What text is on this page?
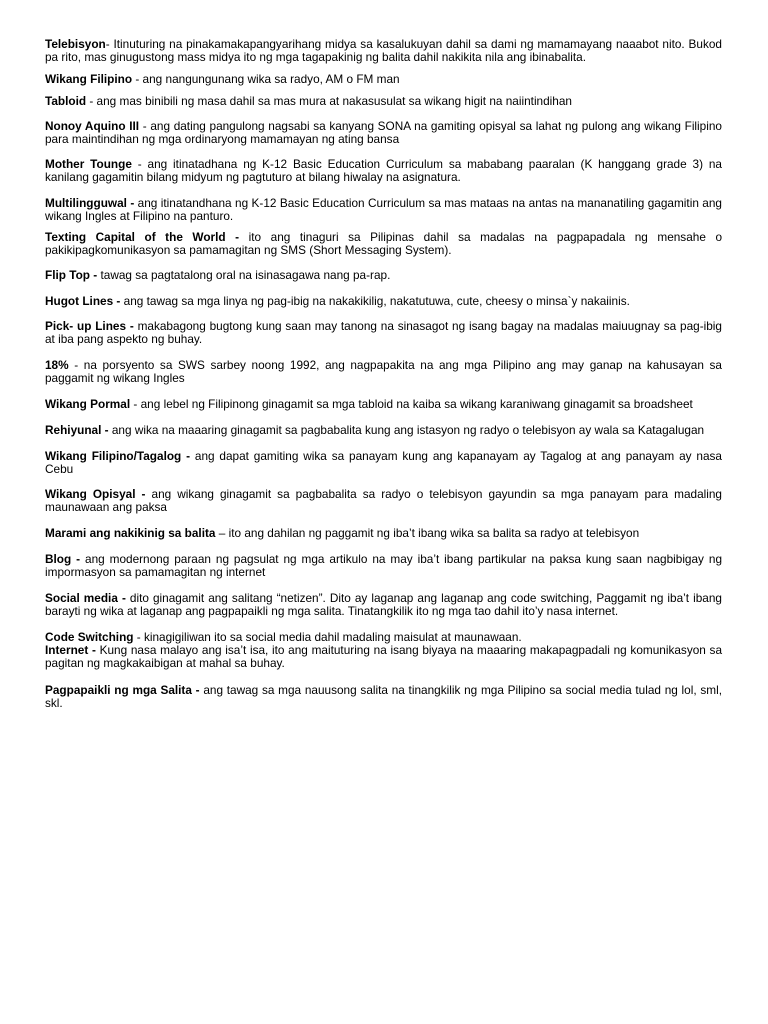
Telebisyon- Itinuturing na pinakamakapangyarihang midya sa kasalukuyan dahil sa dami ng mamamayang naaabot nito. Bukod pa rito, mas ginugustong mass midya ito ng mga tagapakinig ng balita dahil nakikita nila ang ibinabalita.

Wikang Filipino - ang nangungunang wika sa radyo, AM o FM man

Tabloid - ang mas binibili ng masa dahil sa mas mura at nakasusulat sa wikang higit na naiintindihan

Nonoy Aquino III - ang dating pangulong nagsabi sa kanyang SONA na gamiting opisyal sa lahat ng pulong ang wikang Filipino para maintindihan ng mga ordinaryong mamamayan ng ating bansa

Mother Tounge - ang itinatadhana ng K-12 Basic Education Curriculum sa mababang paaralan (K hanggang grade 3) na kanilang gagamitin bilang midyum ng pagtuturo at bilang hiwalay na asignatura.

Multilingguwal - ang itinatandhana ng K-12 Basic Education Curriculum sa mas mataas na antas na mananatiling gagamitin ang wikang Ingles at Filipino na panturo.

Texting Capital of the World - ito ang tinaguri sa Pilipinas dahil sa madalas na pagpapadala ng mensahe o pakikipagkomunikasyon sa pamamagitan ng SMS (Short Messaging System).

Flip Top - tawag sa pagtatalong oral na isinasagawa nang pa-rap.

Hugot Lines - ang tawag sa mga linya ng pag-ibig na nakakikilig, nakatutuwa, cute, cheesy o minsa`y nakaiinis.

Pick- up Lines - makabagong bugtong kung saan may tanong na sinasagot ng isang bagay na madalas maiuugnay sa pag-ibig at iba pang aspekto ng buhay.

18% - na porsyento sa SWS sarbey noong 1992, ang nagpapakita na ang mga Pilipino ang may ganap na kahusayan sa paggamit ng wikang Ingles

Wikang Pormal - ang lebel ng Filipinong ginagamit sa mga tabloid na kaiba sa wikang karaniwang ginagamit sa broadsheet

Rehiyunal - ang wika na maaaring ginagamit sa pagbabalita kung ang istasyon ng radyo o telebisyon ay wala sa Katagalugan

Wikang Filipino/Tagalog - ang dapat gamiting wika sa panayam kung ang kapanayam ay Tagalog at ang panayam ay nasa Cebu

Wikang Opisyal - ang wikang ginagamit sa pagbabalita sa radyo o telebisyon gayundin sa mga panayam para madaling maunawaan ang paksa

Marami ang nakikinig sa balita – ito ang dahilan ng paggamit ng iba’t ibang wika sa balita sa radyo at telebisyon

Blog - ang modernong paraan ng pagsulat ng mga artikulo na may iba’t ibang partikular na paksa kung saan nagbibigay ng impormasyon sa pamamagitan ng internet

Social media - dito ginagamit ang salitang “netizen”. Dito ay laganap ang laganap ang code switching, Paggamit ng iba’t ibang barayti ng wika at laganap ang pagpapaikli ng mga salita. Tinatangkilik ito ng mga tao dahil ito’y nasa internet.

Code Switching - kinagigiliwan ito sa social media dahil madaling maisulat at maunawaan.

Internet - Kung nasa malayo ang isa’t isa, ito ang maituturing na isang biyaya na maaaring makapagpadali ng komunikasyon sa pagitan ng magkakaibigan at mahal sa buhay.

Pagpapaikli ng mga Salita - ang tawag sa mga nauusong salita na tinangkilik ng mga Pilipino sa social media tulad ng lol, sml, skl.
